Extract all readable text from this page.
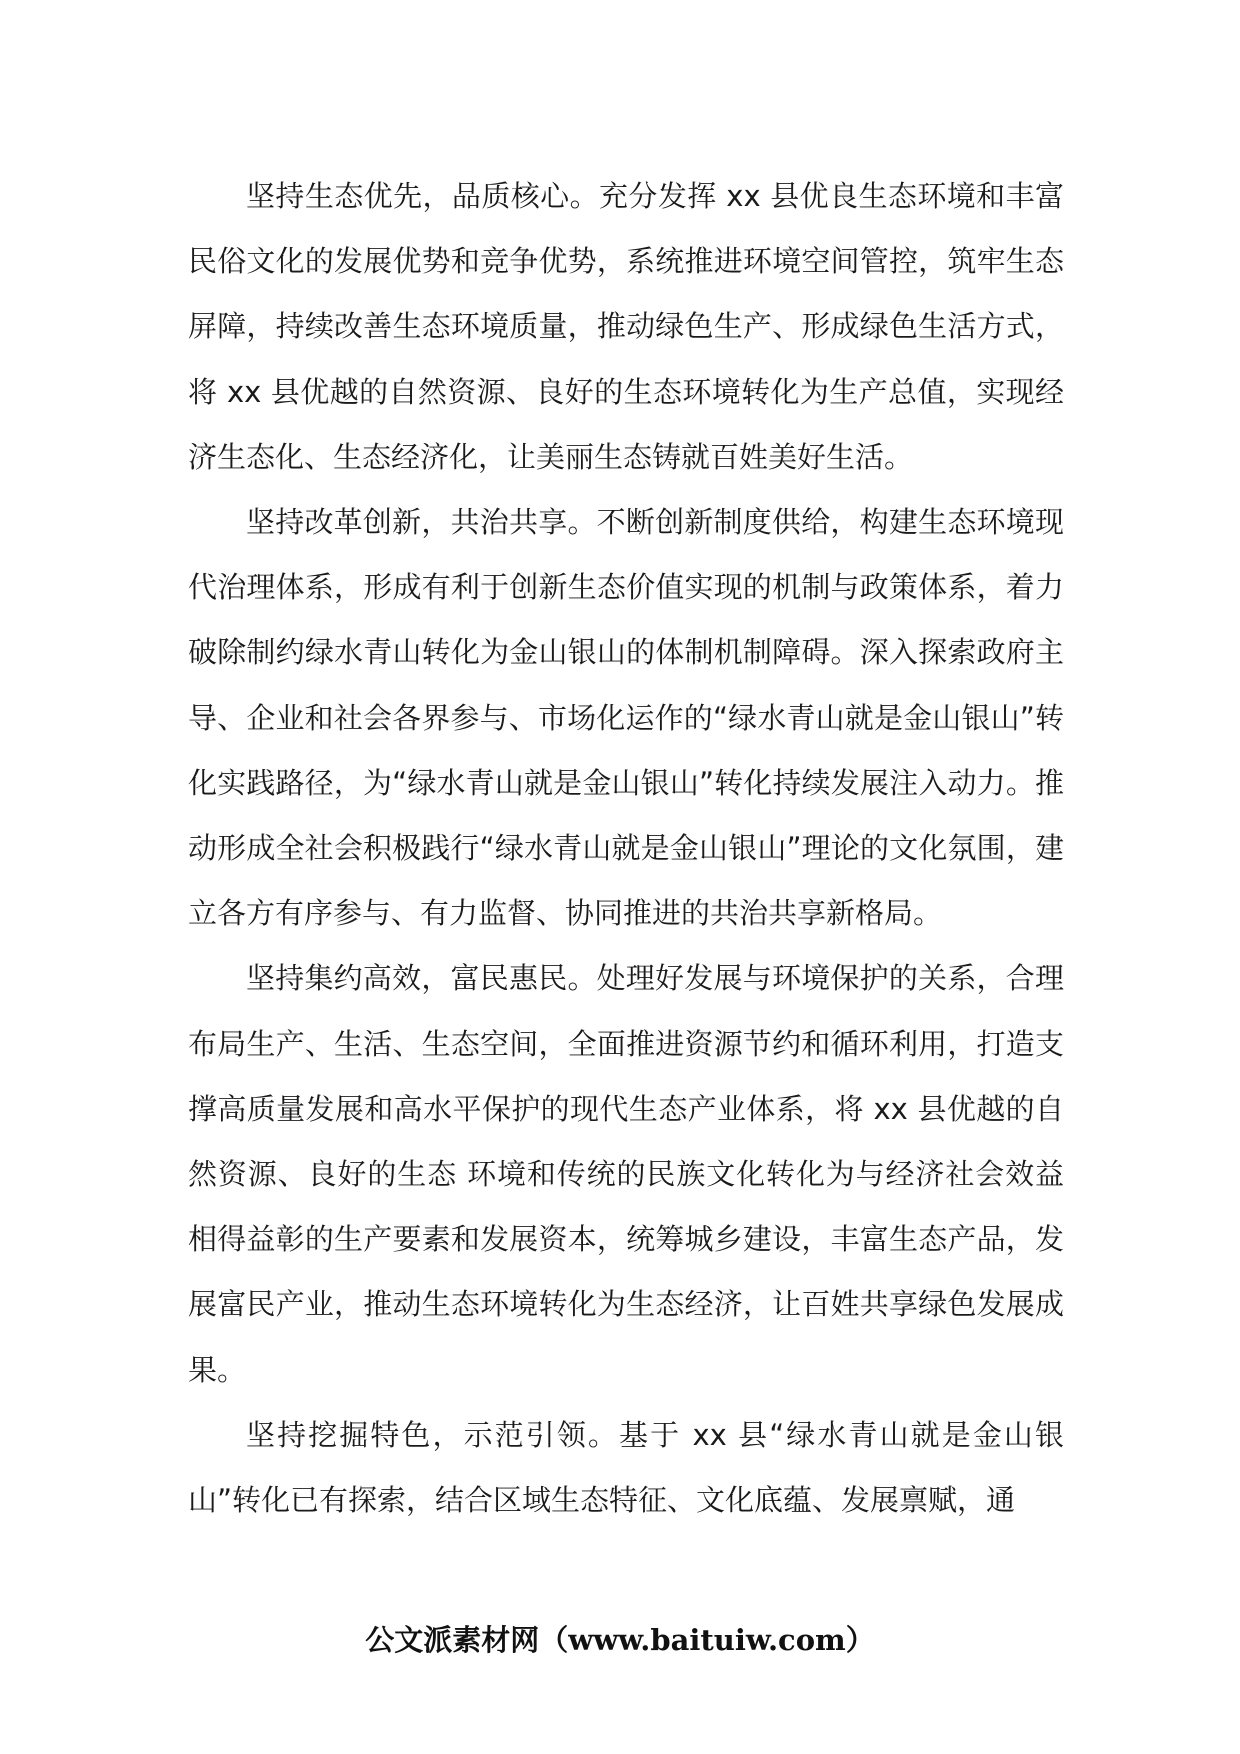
坚持生态优先，品质核心。充分发挥 xx 县优良生态环境和丰富民俗文化的发展优势和竞争优势，系统推进环境空间管控，筑牢生态屏障，持续改善生态环境质量，推动绿色生产、形成绿色生活方式，将 xx 县优越的自然资源、良好的生态环境转化为生产总值，实现经济生态化、生态经济化，让美丽生态铸就百姓美好生活。

坚持改革创新，共治共享。不断创新制度供给，构建生态环境现代治理体系，形成有利于创新生态价值实现的机制与政策体系，着力破除制约绿水青山转化为金山银山的体制机制障碍。深入探索政府主导、企业和社会各界参与、市场化运作的“绿水青山就是金山银山”转化实践路径，为“绿水青山就是金山银山”转化持续发展注入动力。推动形成全社会积极践行“绿水青山就是金山银山”理论的文化氛围，建立各方有序参与、有力监督、协同推进的共治共享新格局。

坚持集约高效，富民惠民。处理好发展与环境保护的关系，合理布局生产、生活、生态空间，全面推进资源节约和循环利用，打造支撑高质量发展和高水平保护的现代生态产业体系，将 xx 县优越的自然资源、良好的生态 环境和传统的民族文化转化为与经济社会效益相得益彰的生产要素和发展资本，统筹城乡建设，丰富生态产品，发展富民产业，推动生态环境转化为生态经济，让百姓共享绿色发展成果。

坚持挖掘特色，示范引领。基于 xx 县“绿水青山就是金山银山”转化已有探索，结合区域生态特征、文化底蕴、发展禀赋，通

公文派素材网（www.baituiw.com）
